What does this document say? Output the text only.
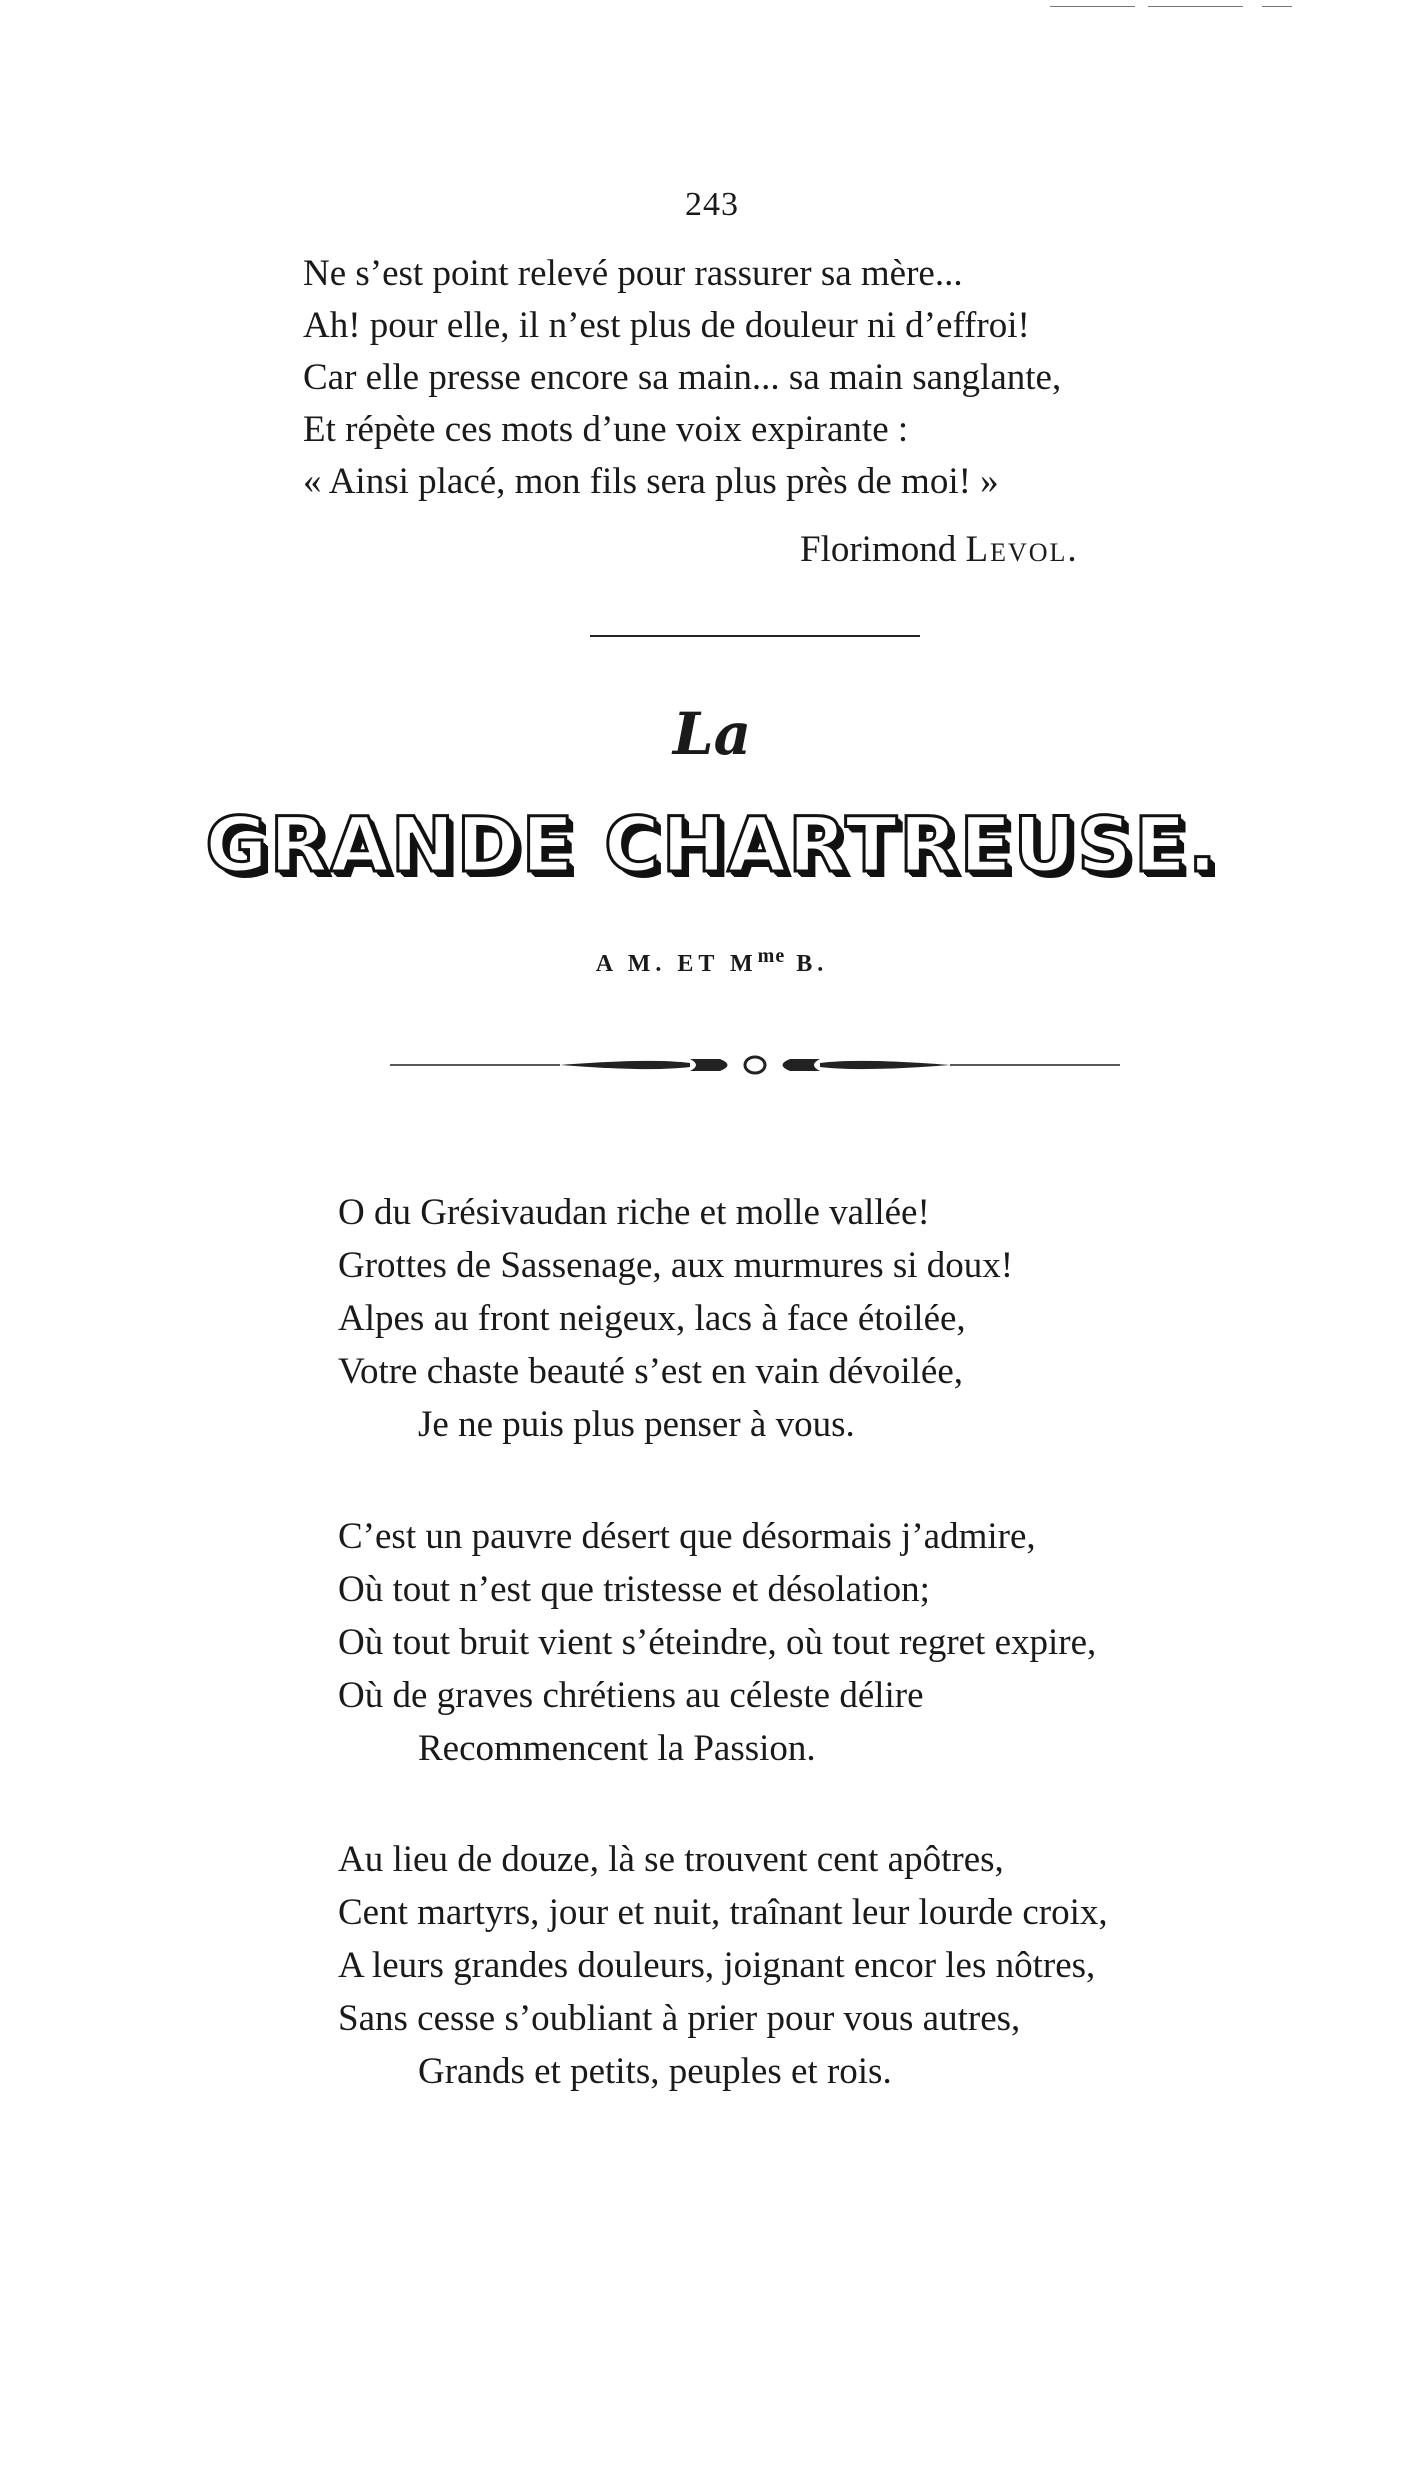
243
Ne s’est point relevé pour rassurer sa mère...
Ah! pour elle, il n’est plus de douleur ni d’effroi!
Car elle presse encore sa main... sa main sanglante,
Et répète ces mots d’une voix expirante :
« Ainsi placé, mon fils sera plus près de moi! »
Florimond Levol.
La
GRANDE CHARTREUSE.
A M. ET $M^{me}$ B.
O du Grésivaudan riche et molle vallée!
Grottes de Sassenage, aux murmures si doux!
Alpes au front neigeux, lacs à face étoilée,
Votre chaste beauté s’est en vain dévoilée,
Je ne puis plus penser à vous.
C’est un pauvre désert que désormais j’admire,
Où tout n’est que tristesse et désolation;
Où tout bruit vient s’éteindre, où tout regret expire,
Où de graves chrétiens au céleste délire
Recommencent la Passion.
Au lieu de douze, là se trouvent cent apôtres,
Cent martyrs, jour et nuit, traînant leur lourde croix,
A leurs grandes douleurs, joignant encor les nôtres,
Sans cesse s’oubliant à prier pour vous autres,
Grands et petits, peuples et rois.
